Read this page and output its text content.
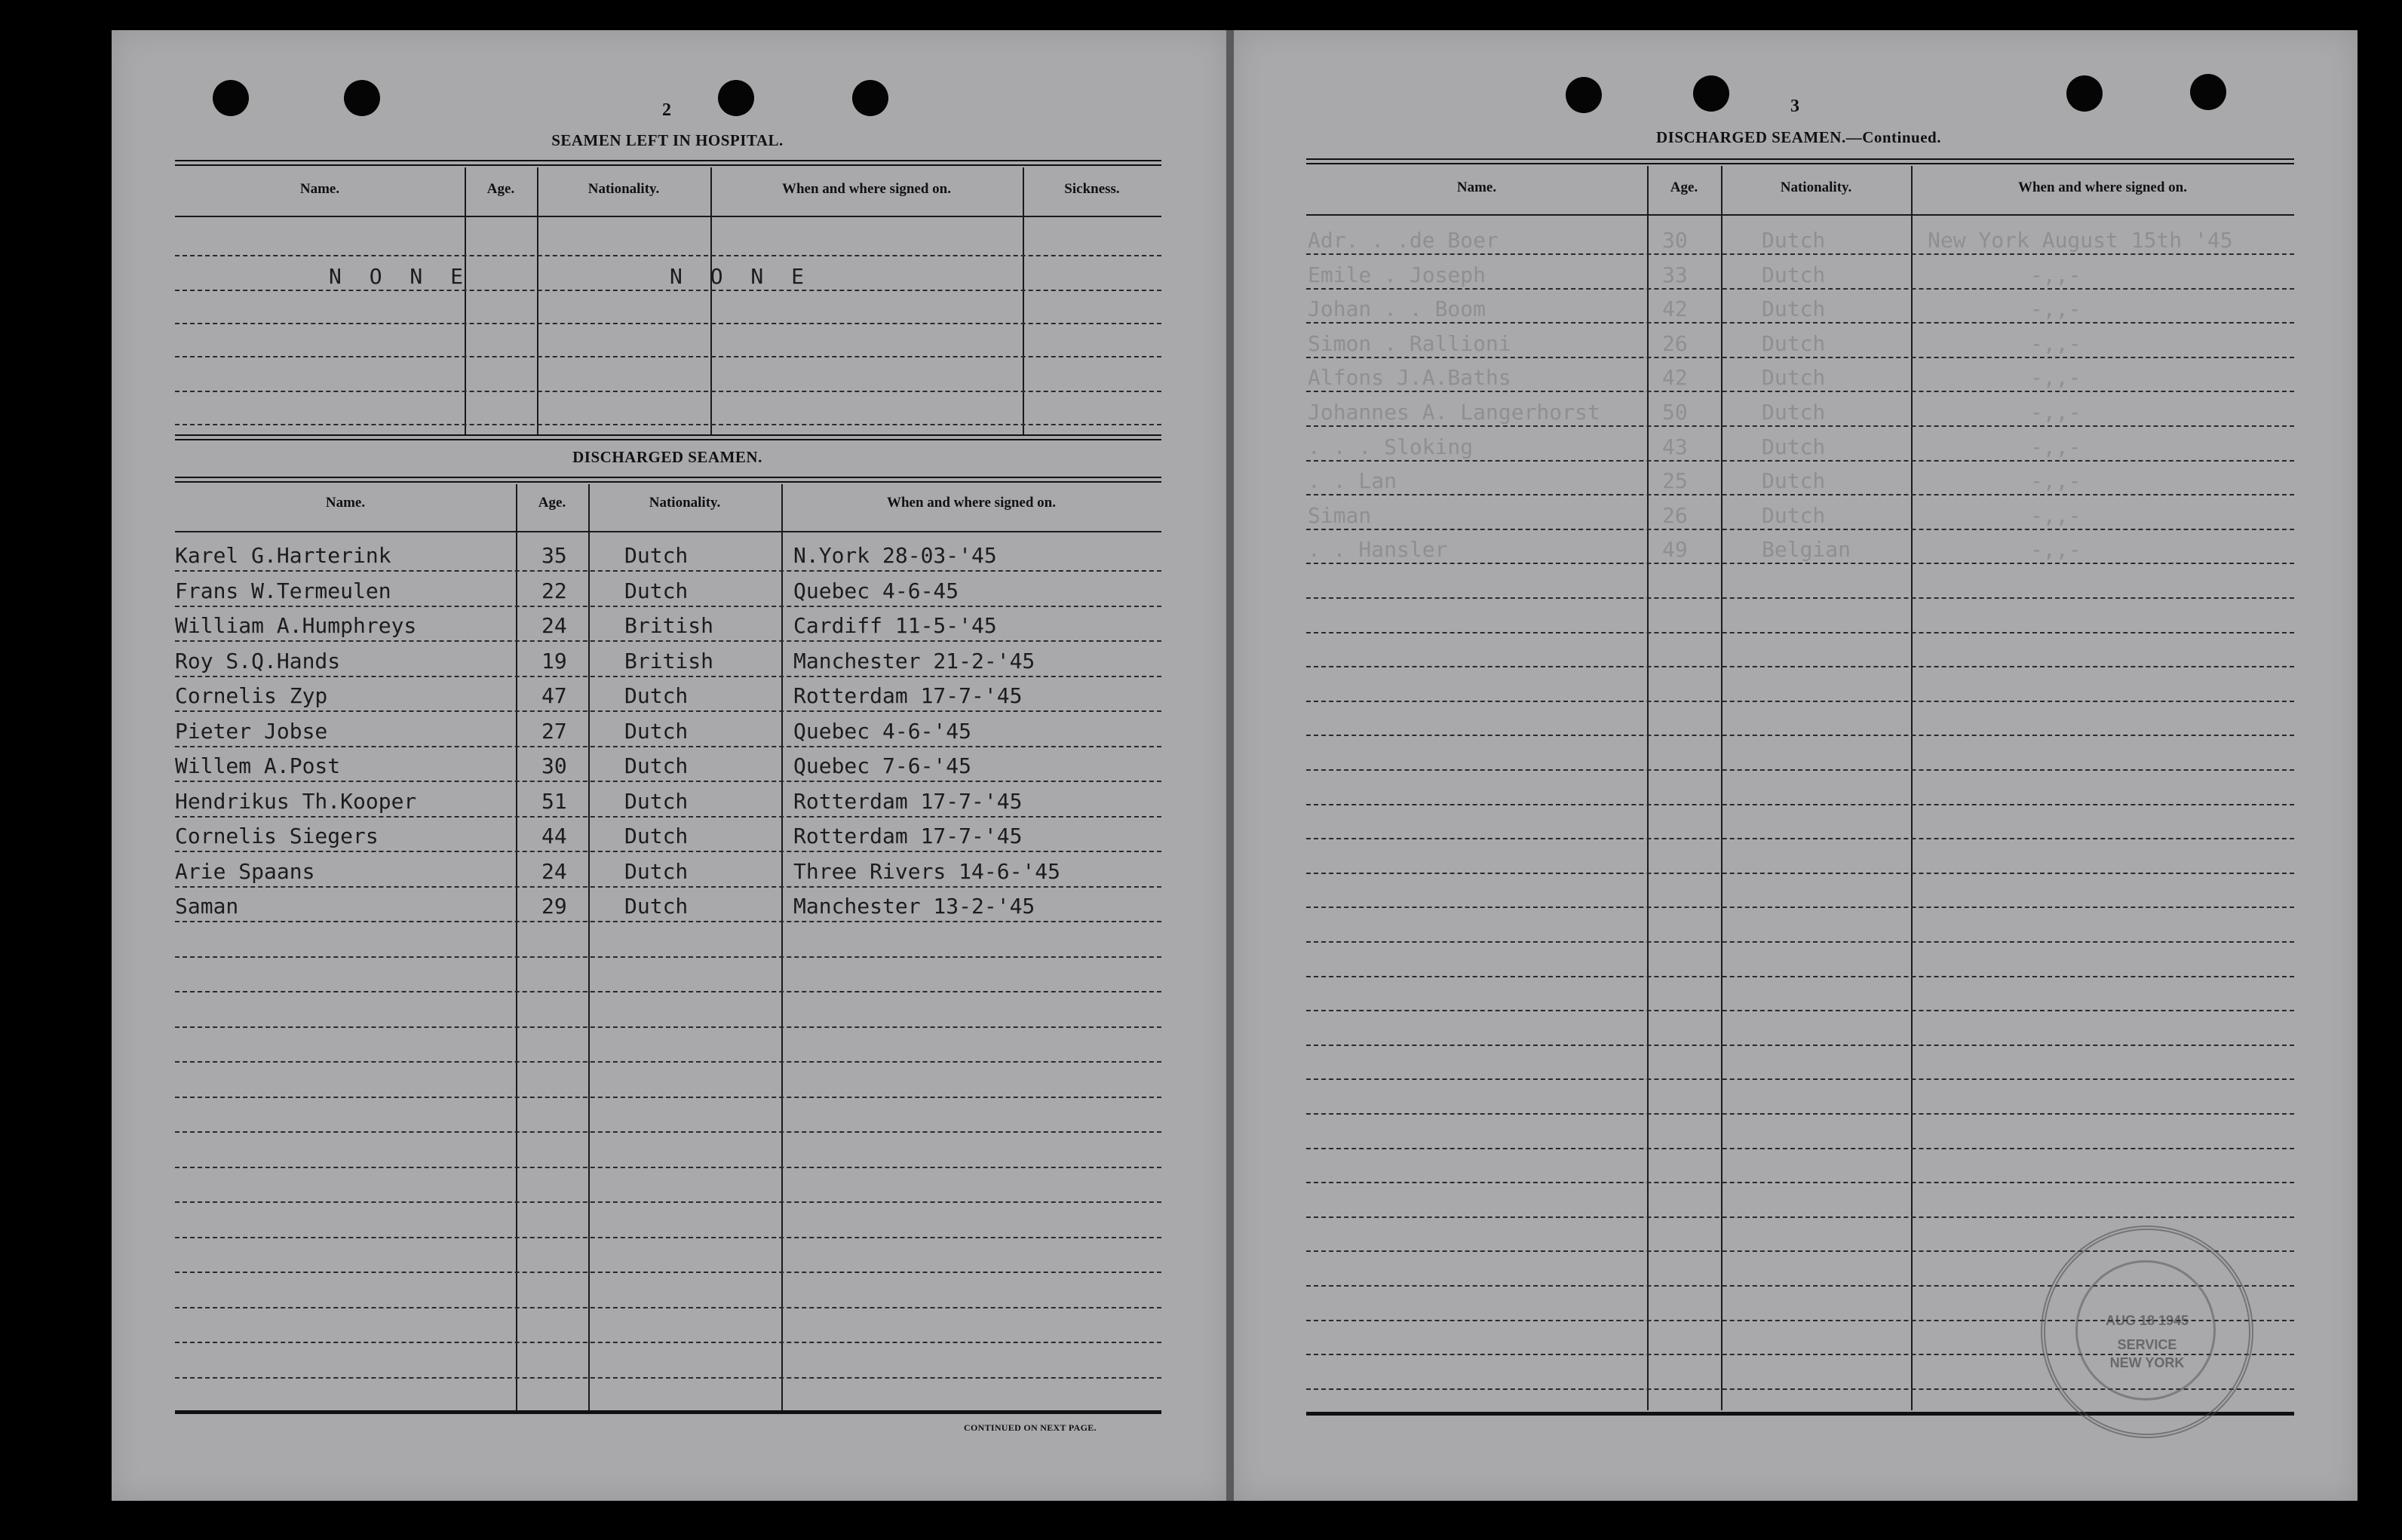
2
SEAMEN LEFT IN HOSPITAL.
Name.	Age.	Nationality.	When and where signed on.	Sickness.
N O N E	N O N E
DISCHARGED SEAMEN.
Name.	Age.	Nationality.	When and where signed on.
Karel G.Harterink	35	Dutch	N.York 28-03-'45
Frans W.Termeulen	22	Dutch	Quebec 4-6-45
William A.Humphreys	24	British	Cardiff 11-5-'45
Roy S.Q.Hands	19	British	Manchester 21-2-'45
Cornelis Zyp	47	Dutch	Rotterdam 17-7-'45
Pieter Jobse	27	Dutch	Quebec 4-6-'45
Willem A.Post	30	Dutch	Quebec 7-6-'45
Hendrikus Th.Kooper	51	Dutch	Rotterdam 17-7-'45
Cornelis Siegers	44	Dutch	Rotterdam 17-7-'45
Arie Spaans	24	Dutch	Three Rivers 14-6-'45
Saman	29	Dutch	Manchester 13-2-'45
CONTINUED ON NEXT PAGE.
3
DISCHARGED SEAMEN.—Continued.
Name.	Age.	Nationality.	When and where signed on.
Adr. . .de Boer	30	Dutch	New York August 15th '45
Emile . Joseph	33	Dutch	-,,-
Johan . . Boom	42	Dutch	-,,-
Simon . Rallioni	26	Dutch	-,,-
Alfons J.A.Baths	42	Dutch	-,,-
Johannes A. Langerhorst	50	Dutch	-,,-
. . . Sloking	43	Dutch	-,,-
. . Lan	25	Dutch	-,,-
Siman	26	Dutch	-,,-
. . Hansler	49	Belgian	-,,-
AUG 18 1945
SERVICE
NEW YORK
